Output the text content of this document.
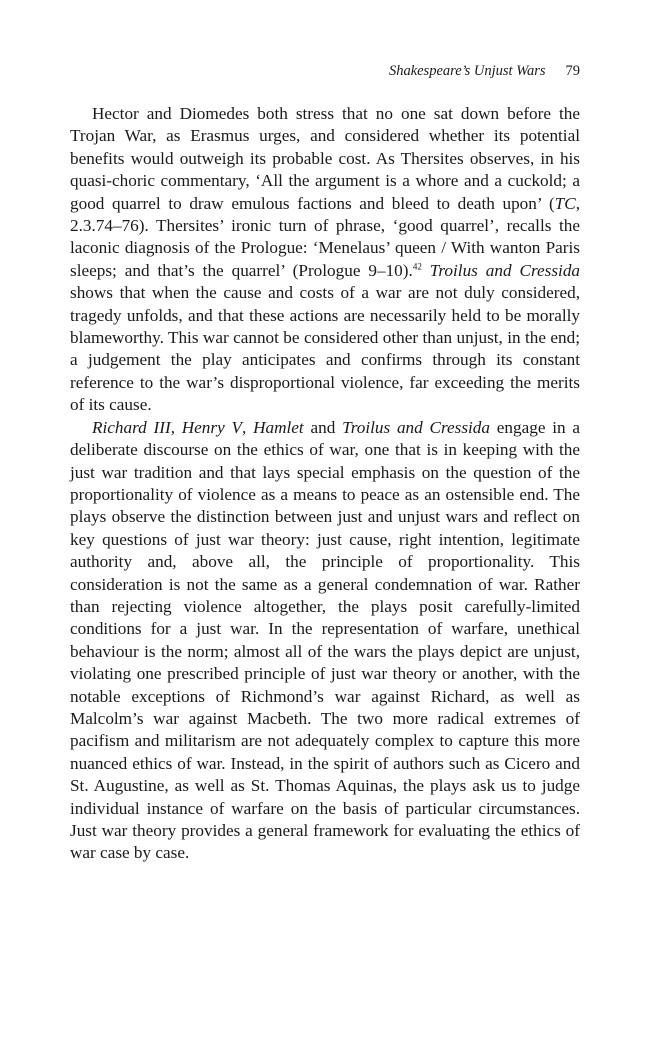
Shakespeare’s Unjust Wars 79

Hector and Diomedes both stress that no one sat down before the Trojan War, as Erasmus urges, and considered whether its potential benefits would outweigh its probable cost. As Thersites observes, in his quasi-choric commentary, ‘All the argument is a whore and a cuckold; a good quarrel to draw emulous factions and bleed to death upon’ (TC, 2.3.74–76). Thersites’ ironic turn of phrase, ‘good quarrel’, recalls the laconic diagnosis of the Prologue: ‘Menelaus’ queen / With wanton Paris sleeps; and that’s the quarrel’ (Prologue 9–10).$^{42}$ Troilus and Cressida shows that when the cause and costs of a war are not duly considered, tragedy unfolds, and that these actions are necessarily held to be morally blameworthy. This war cannot be considered other than unjust, in the end; a judgement the play anticipates and confirms through its constant reference to the war’s disproportional violence, far exceeding the merits of its cause.

Richard III, Henry V, Hamlet and Troilus and Cressida engage in a deliberate discourse on the ethics of war, one that is in keeping with the just war tradition and that lays special emphasis on the question of the proportionality of violence as a means to peace as an ostensible end. The plays observe the distinction between just and unjust wars and reflect on key questions of just war theory: just cause, right intention, legitimate authority and, above all, the principle of proportionality. This consideration is not the same as a general condemnation of war. Rather than rejecting violence altogether, the plays posit carefully-limited conditions for a just war. In the representation of warfare, unethical behaviour is the norm; almost all of the wars the plays depict are unjust, violating one prescribed principle of just war theory or another, with the notable exceptions of Richmond’s war against Richard, as well as Malcolm’s war against Macbeth. The two more radical extremes of pacifism and militarism are not adequately complex to capture this more nuanced ethics of war. Instead, in the spirit of authors such as Cicero and St. Augustine, as well as St. Thomas Aquinas, the plays ask us to judge individual instance of warfare on the basis of particular circumstances. Just war theory provides a general framework for evaluating the ethics of war case by case.
